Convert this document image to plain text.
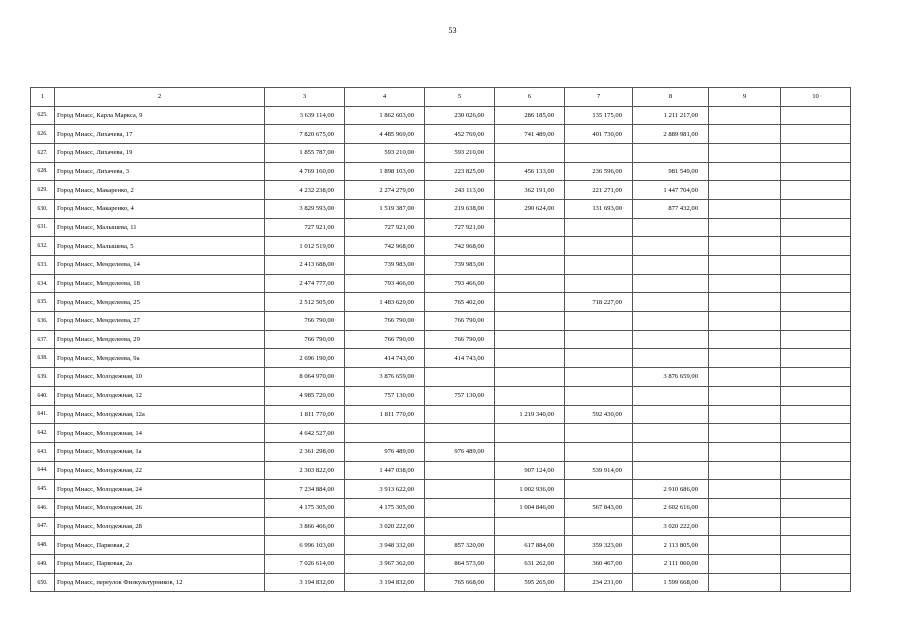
53
1	2	3	4	5	6	7	8	9	10
625.	Город Миасс, Карла Маркса, 9	3 639 114,00	1 862 603,00	230 026,00	286 185,00	135 175,00	1 211 217,00		
626.	Город Миасс, Лихачева, 17	7 820 675,00	4 485 969,00	452 769,00	741 489,00	401 730,00	2 889 981,00		
627.	Город Миасс, Лихачева, 19	1 855 787,00	593 210,00	593 210,00					
628.	Город Миасс, Лихачева, 3	4 769 160,00	1 898 103,00	223 825,00	456 133,00	236 596,00	981 549,00		
629.	Город Миасс, Макаренко, 2	4 232 238,00	2 274 279,00	243 113,00	362 191,00	221 271,00	1 447 704,00		
630.	Город Миасс, Макаренко, 4	3 829 593,00	1 519 387,00	219 638,00	290 624,00	131 693,00	877 432,00		
631.	Город Миасс, Малышева, 11	727 921,00	727 921,00	727 921,00					
632.	Город Миасс, Малышева, 5	1 012 519,00	742 968,00	742 968,00					
633.	Город Миасс, Менделеева, 14	2 413 688,00	739 983,00	739 983,00					
634.	Город Миасс, Менделеева, 18	2 474 777,00	793 466,00	793 466,00					
635.	Город Миасс, Менделеева, 25	2 512 505,00	1 483 629,00	765 402,00		718 227,00			
636.	Город Миасс, Менделеева, 27	766 790,00	766 790,00	766 790,00					
637.	Город Миасс, Менделеева, 29	766 790,00	766 790,00	766 790,00					
638.	Город Миасс, Менделеева, 9а	2 696 190,00	414 743,00	414 743,00					
639.	Город Миасс, Молодежная, 10	8 064 970,00	3 876 659,00				3 876 659,00		
640.	Город Миасс, Молодежная, 12	4 985 720,00	757 130,00	757 130,00					
641.	Город Миасс, Молодежная, 12а	1 811 770,00	1 811 770,00		1 219 340,00	592 430,00			
642.	Город Миасс, Молодежная, 14	4 642 527,00							
643.	Город Миасс, Молодежная, 1а	2 361 298,00	976 489,00	976 489,00					
644.	Город Миасс, Молодежная, 22	2 303 822,00	1 447 038,00		907 124,00	539 914,00			
645.	Город Миасс, Молодежная, 24	7 234 884,00	3 913 622,00		1 002 936,00		2 910 686,00		
646.	Город Миасс, Молодежная, 26	4 175 305,00	4 175 305,00		1 004 846,00	567 843,00	2 602 616,00		
647.	Город Миасс, Молодежная, 28	3 866 466,00	3 020 222,00				3 020 222,00		
648.	Город Миасс, Парковая, 2	6 996 103,00	3 948 332,00	857 320,00	617 884,00	359 323,00	2 113 805,00		
649.	Город Миасс, Парковая, 2а	7 026 614,00	3 967 362,00	864 573,00	631 262,00	360 467,00	2 111 060,00		
650.	Город Миасс, переулок Физкультурников, 12	3 194 832,00	3 194 832,00	765 668,00	595 265,00	234 231,00	1 599 668,00		
